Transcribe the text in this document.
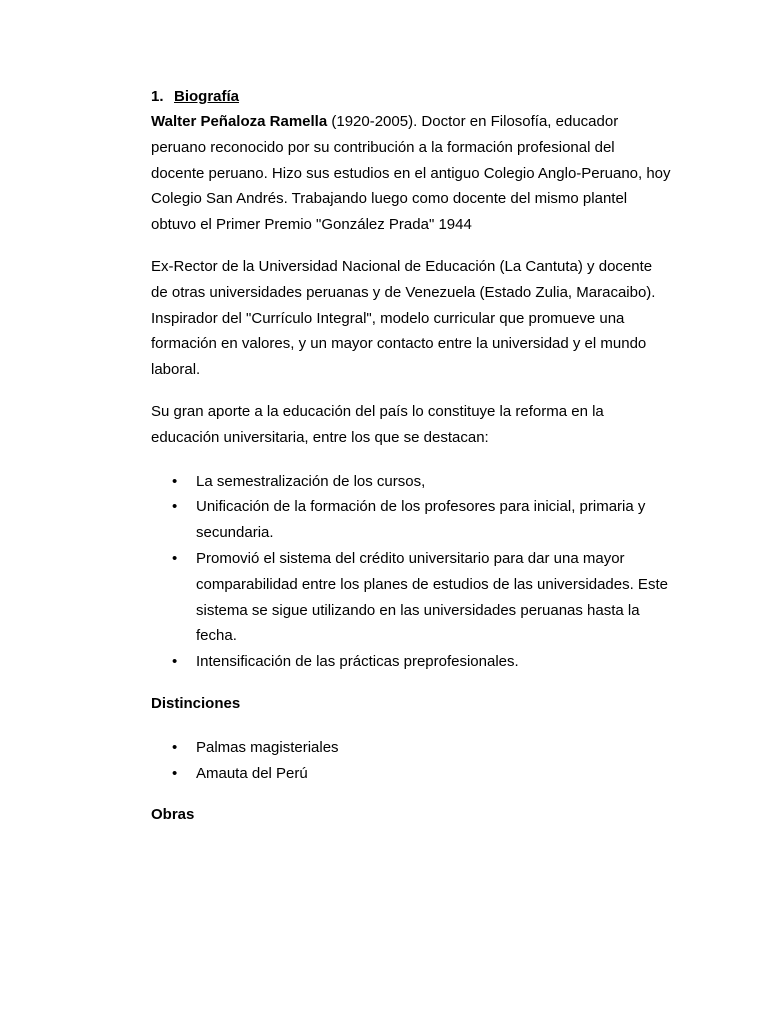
1. Biografía

Walter Peñaloza Ramella (1920-2005). Doctor en Filosofía, educador peruano reconocido por su contribución a la formación profesional del docente peruano. Hizo sus estudios en el antiguo Colegio Anglo-Peruano, hoy Colegio San Andrés. Trabajando luego como docente del mismo plantel obtuvo el Primer Premio "González Prada" 1944

Ex-Rector de la Universidad Nacional de Educación (La Cantuta) y docente de otras universidades peruanas y de Venezuela (Estado Zulia, Maracaibo). Inspirador del "Currículo Integral", modelo curricular que promueve una formación en valores, y un mayor contacto entre la universidad y el mundo laboral.

Su gran aporte a la educación del país lo constituye la reforma en la educación universitaria, entre los que se destacan:

• La semestralización de los cursos,
• Unificación de la formación de los profesores para inicial, primaria y secundaria.
• Promovió el sistema del crédito universitario para dar una mayor comparabilidad entre los planes de estudios de las universidades. Este sistema se sigue utilizando en las universidades peruanas hasta la fecha.
• Intensificación de las prácticas preprofesionales.
Distinciones
• Palmas magisteriales
• Amauta del Perú
Obras
